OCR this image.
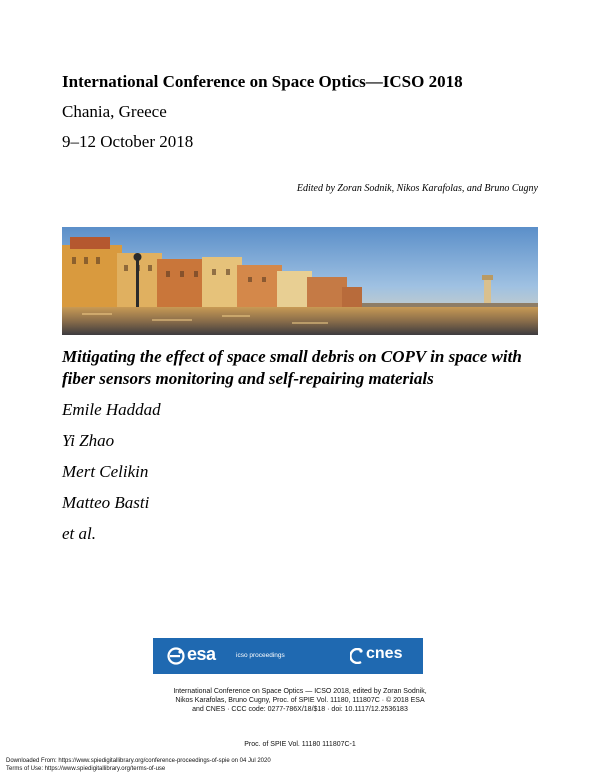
International Conference on Space Optics—ICSO 2018
Chania, Greece
9–12 October 2018
Edited by Zoran Sodnik, Nikos Karafolas, and Bruno Cugny
Mitigating the effect of space small debris on COPV in space with fiber sensors monitoring and self-repairing materials
Emile Haddad
Yi Zhao
Mert Celikin
Matteo Basti
et al.
esa	icso proceedings	cnes
International Conference on Space Optics — ICSO 2018, edited by Zoran Sodnik,
Nikos Karafolas, Bruno Cugny, Proc. of SPIE Vol. 11180, 111807C · © 2018 ESA
and CNES · CCC code: 0277-786X/18/$18 · doi: 10.1117/12.2536183
Proc. of SPIE Vol. 11180 111807C-1
Downloaded From: https://www.spiedigitallibrary.org/conference-proceedings-of-spie on 04 Jul 2020
Terms of Use: https://www.spiedigitallibrary.org/terms-of-use
